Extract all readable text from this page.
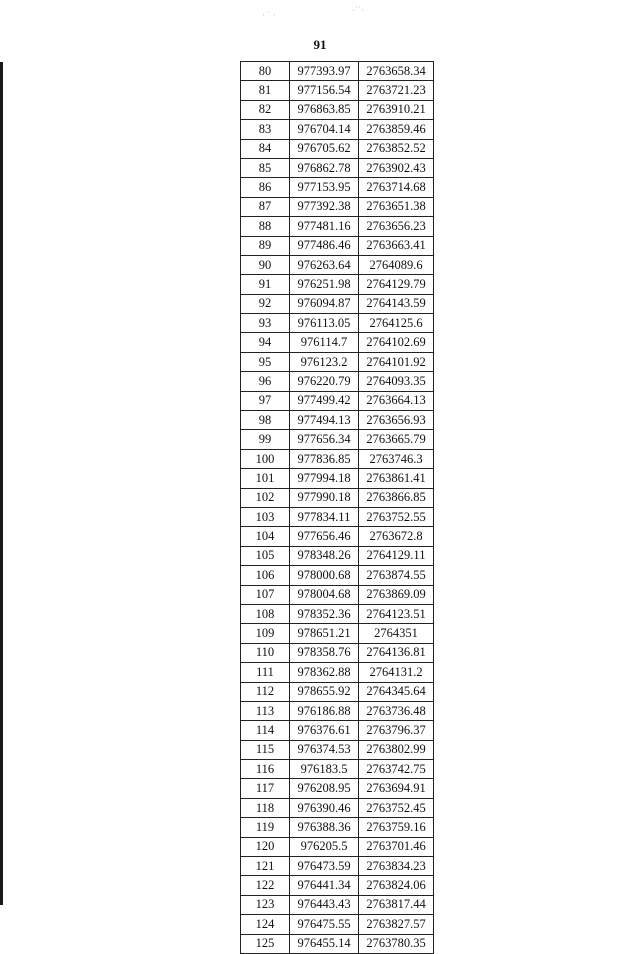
·˙˙·
· ˙ ·
91
80	977393.97	2763658.34
81	977156.54	2763721.23
82	976863.85	2763910.21
83	976704.14	2763859.46
84	976705.62	2763852.52
85	976862.78	2763902.43
86	977153.95	2763714.68
87	977392.38	2763651.38
88	977481.16	2763656.23
89	977486.46	2763663.41
90	976263.64	2764089.6
91	976251.98	2764129.79
92	976094.87	2764143.59
93	976113.05	2764125.6
94	976114.7	2764102.69
95	976123.2	2764101.92
96	976220.79	2764093.35
97	977499.42	2763664.13
98	977494.13	2763656.93
99	977656.34	2763665.79
100	977836.85	2763746.3
101	977994.18	2763861.41
102	977990.18	2763866.85
103	977834.11	2763752.55
104	977656.46	2763672.8
105	978348.26	2764129.11
106	978000.68	2763874.55
107	978004.68	2763869.09
108	978352.36	2764123.51
109	978651.21	2764351
110	978358.76	2764136.81
111	978362.88	2764131.2
112	978655.92	2764345.64
113	976186.88	2763736.48
114	976376.61	2763796.37
115	976374.53	2763802.99
116	976183.5	2763742.75
117	976208.95	2763694.91
118	976390.46	2763752.45
119	976388.36	2763759.16
120	976205.5	2763701.46
121	976473.59	2763834.23
122	976441.34	2763824.06
123	976443.43	2763817.44
124	976475.55	2763827.57
125	976455.14	2763780.35
